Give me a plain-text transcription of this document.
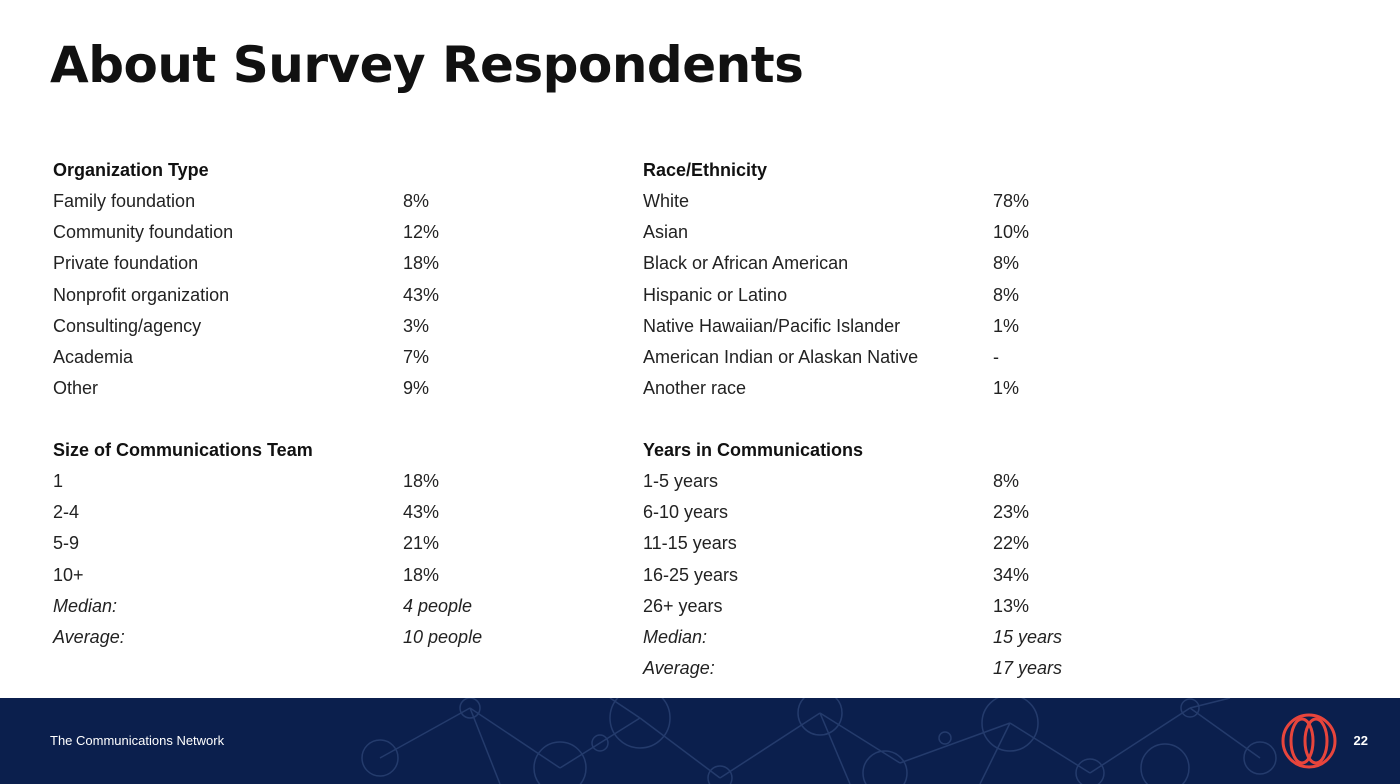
About Survey Respondents
Organization Type
Family foundation	8%
Community foundation	12%
Private foundation	18%
Nonprofit organization	43%
Consulting/agency	3%
Academia	7%
Other	9%
Race/Ethnicity
White	78%
Asian	10%
Black or African American	8%
Hispanic or Latino	8%
Native Hawaiian/Pacific Islander	1%
American Indian or Alaskan Native	-
Another race	1%
Size of Communications Team
1	18%
2-4	43%
5-9	21%
10+	18%
Median:	4 people
Average:	10 people
Years in Communications
1-5 years	8%
6-10 years	23%
11-15 years	22%
16-25 years	34%
26+ years	13%
Median:	15 years
Average:	17 years
The Communications Network	22
